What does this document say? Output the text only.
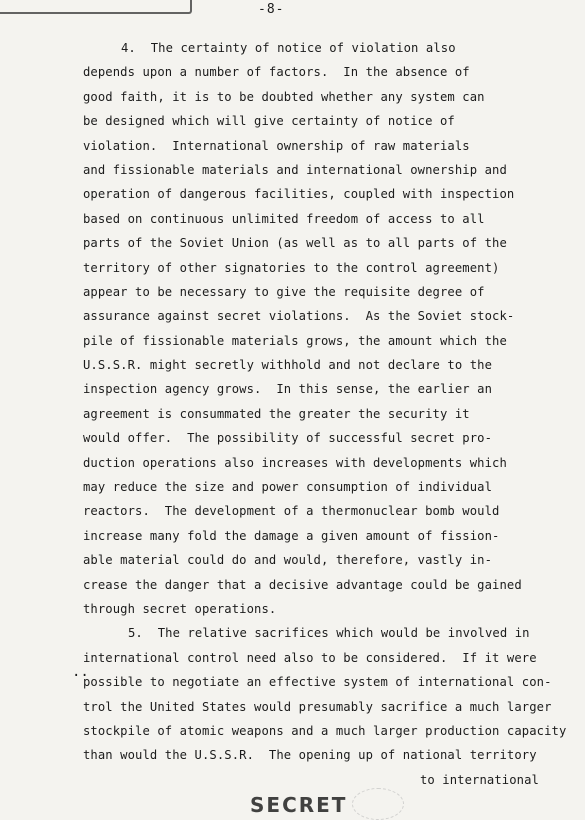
-8-
4.  The certainty of notice of violation also
depends upon a number of factors.  In the absence of
good faith, it is to be doubted whether any system can
be designed which will give certainty of notice of
violation.  International ownership of raw materials
and fissionable materials and international ownership and
operation of dangerous facilities, coupled with inspection
based on continuous unlimited freedom of access to all
parts of the Soviet Union (as well as to all parts of the
territory of other signatories to the control agreement)
appear to be necessary to give the requisite degree of
assurance against secret violations.  As the Soviet stock-
pile of fissionable materials grows, the amount which the
U.S.S.R. might secretly withhold and not declare to the
inspection agency grows.  In this sense, the earlier an
agreement is consummated the greater the security it
would offer.  The possibility of successful secret pro-
duction operations also increases with developments which
may reduce the size and power consumption of individual
reactors.  The development of a thermonuclear bomb would
increase many fold the damage a given amount of fission-
able material could do and would, therefore, vastly in-
crease the danger that a decisive advantage could be gained
through secret operations.
5.  The relative sacrifices which would be involved in
international control need also to be considered.  If it were
possible to negotiate an effective system of international con-
trol the United States would presumably sacrifice a much larger
stockpile of atomic weapons and a much larger production capacity
than would the U.S.S.R.  The opening up of national territory
to international
..
SECRET
